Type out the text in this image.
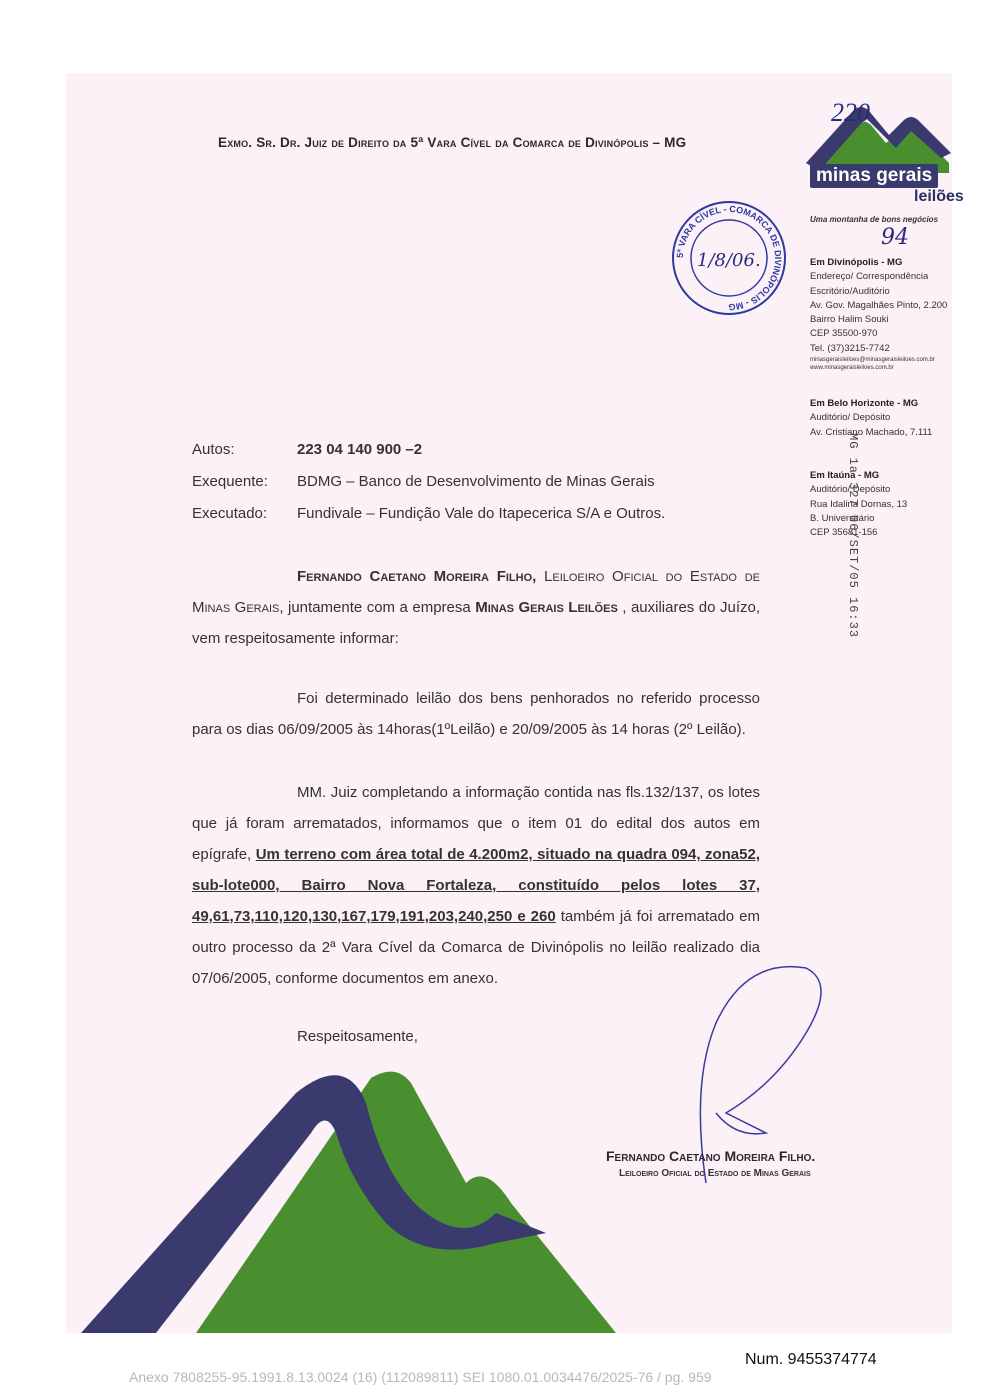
Exmo. Sr. Dr. Juiz de Direito da 5ª Vara Cível da Comarca de Divinópolis – MG
220
minas gerais
leilões
Uma montanha de bons negócios
94
Em Divinópolis - MG
Endereço/ Correspondência
Escritório/Auditório
Av. Gov. Magalhães Pinto, 2.200
Bairro Halim Souki
CEP 35500-970
Tel. (37)3215-7742
minasgeraisleiloes@minasgeraisleiloes.com.br
www.minasgeraisleiloes.com.br
Em Belo Horizonte - MG
Auditório/ Depósito
Av. Cristiano Machado, 7.111
Em Itaúna - MG
Auditório/ Depósito
Rua Idalina Dornas, 13
B. Universitário
CEP 35681-156
5ª VARA CÍVEL - COMARCA DE DIVINÓPOLIS - MG
1/8/06.
MG 1a 327 06/SET/05 16:33
Autos:	223 04 140 900 –2
Exequente:	BDMG – Banco de Desenvolvimento de Minas Gerais
Executado:	Fundivale – Fundição Vale do Itapecerica S/A e Outros.
Fernando Caetano Moreira Filho, Leiloeiro Oficial do Estado de Minas Gerais, juntamente com a empresa Minas Gerais Leilões , auxiliares do Juízo, vem respeitosamente informar:
Foi determinado leilão dos bens penhorados no referido processo para os dias 06/09/2005 às 14horas(1ºLeilão) e 20/09/2005 às 14 horas (2º Leilão).
MM. Juiz completando a informação contida nas fls.132/137, os lotes que já foram arrematados, informamos que o item 01 do edital dos autos em epígrafe, Um terreno com área total de 4.200m2, situado na quadra 094, zona52, sub-lote000, Bairro Nova Fortaleza, constituído pelos lotes 37, 49,61,73,110,120,130,167,179,191,203,240,250 e 260 também já foi arrematado em outro processo da 2ª Vara Cível da Comarca de Divinópolis no leilão realizado dia 07/06/2005, conforme documentos em anexo.
Respeitosamente,
Fernando Caetano Moreira Filho.
Leiloeiro Oficial do Estado de Minas Gerais
Num. 9455374774
Anexo 7808255-95.1991.8.13.0024 (16) (112089811) SEI 1080.01.0034476/2025-76 / pg. 959
